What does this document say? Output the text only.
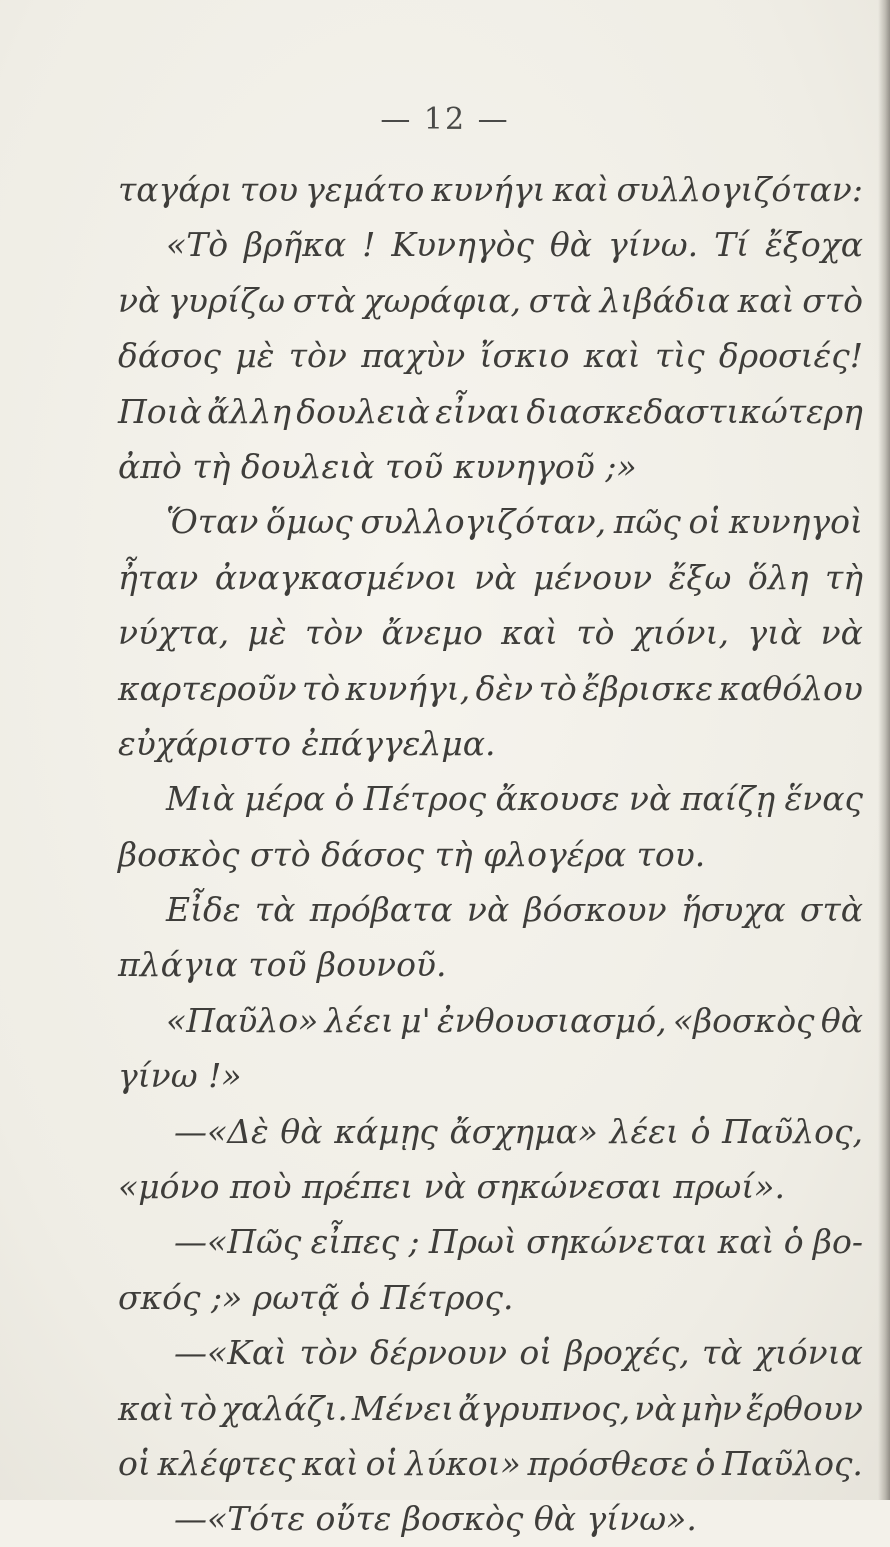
— 12 —
ταγάρι του γεμάτο κυνήγι καὶ συλλογιζόταν:
«Τὸ βρῆκα ! Κυνηγὸς θὰ γίνω. Τί ἔξοχα
νὰ γυρίζω στὰ χωράφια, στὰ λιβάδια καὶ στὸ
δάσος μὲ τὸν παχὺν ἴσκιο καὶ τὶς δροσιές!
Ποιὰ ἄλλη δουλειὰ εἶναι διασκεδαστικώτερη
ἀπὸ τὴ δουλειὰ τοῦ κυνηγοῦ ;»
Ὅταν ὅμως συλλογιζόταν, πῶς οἱ κυνηγοὶ
ἦταν ἀναγκασμένοι νὰ μένουν ἔξω ὅλη τὴ
νύχτα, μὲ τὸν ἄνεμο καὶ τὸ χιόνι, γιὰ νὰ
καρτεροῦν τὸ κυνήγι, δὲν τὸ ἔβρισκε καθόλου
εὐχάριστο ἐπάγγελμα.
Μιὰ μέρα ὁ Πέτρος ἄκουσε νὰ παίζῃ ἕνας
βοσκὸς στὸ δάσος τὴ φλογέρα του.
Εἶδε τὰ πρόβατα νὰ βόσκουν ἥσυχα στὰ
πλάγια τοῦ βουνοῦ.
«Παῦλο» λέει μ' ἐνθουσιασμό, «βοσκὸς θὰ
γίνω !»
—«Δὲ θὰ κάμῃς ἄσχημα» λέει ὁ Παῦλος,
«μόνο ποὺ πρέπει νὰ σηκώνεσαι πρωί».
—«Πῶς εἶπες ; Πρωὶ σηκώνεται καὶ ὁ βο-
σκός ;» ρωτᾷ ὁ Πέτρος.
—«Καὶ τὸν δέρνουν οἱ βροχές, τὰ χιόνια
καὶ τὸ χαλάζι. Μένει ἄγρυπνος, νὰ μὴν ἔρθουν
οἱ κλέφτες καὶ οἱ λύκοι» πρόσθεσε ὁ Παῦλος.
—«Τότε οὔτε βοσκὸς θὰ γίνω».
